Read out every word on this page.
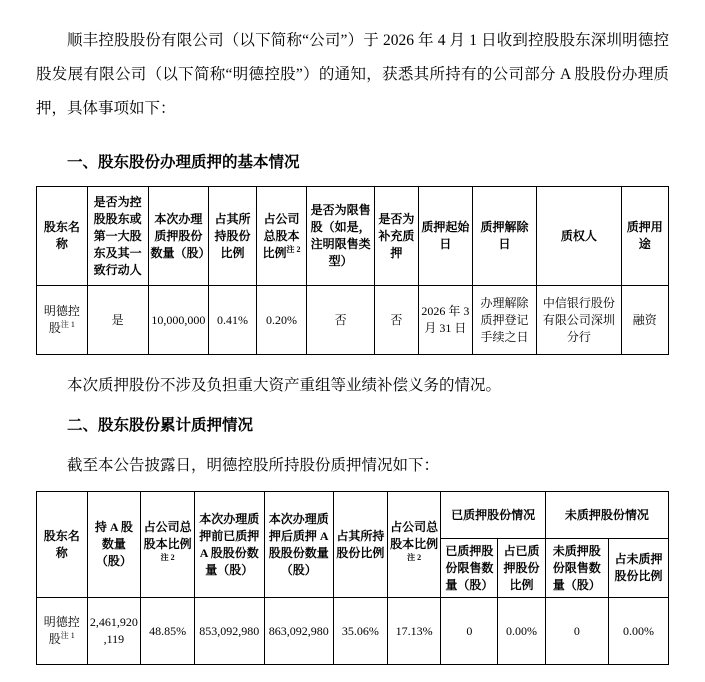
顺丰控股股份有限公司（以下简称“公司”）于 2026 年 4 月 1 日收到控股股东深圳明德控股发展有限公司（以下简称“明德控股”）的通知，获悉其所持有的公司部分 A 股股份办理质押，具体事项如下：

一、股东股份办理质押的基本情况
股东名称	是否为控股股东或第一大股东及其一致行动人	本次办理质押股份数量（股）	占其所持股份比例	占公司总股本比例$^{注 2}$	是否为限售股（如是，注明限售类型）	是否为补充质押	质押起始日	质押解除日	质权人	质押用途
明德控股$^{注 1}$	是	10,000,000	0.41%	0.20%	否	否	2026 年 3 月 31 日	办理解除质押登记手续之日	中信银行股份有限公司深圳分行	融资

本次质押股份不涉及负担重大资产重组等业绩补偿义务的情况。

二、股东股份累计质押情况

截至本公告披露日，明德控股所持股份质押情况如下：

股东名称	持 A 股数量（股）	占公司总股本比例$^{注 2}$	本次办理质押前已质押 A 股股份数量（股）	本次办理质押后质押 A 股股份数量（股）	占其所持股份比例	占公司总股本比例$^{注 2}$	已质押股份情况		未质押股份情况	
							已质押股份限售数量（股）	占已质押股份比例	未质押股份限售数量（股）	占未质押股份比例
明德控股$^{注 1}$	2,461,920,119	48.85%	853,092,980	863,092,980	35.06%	17.13%	0	0.00%	0	0.00%
